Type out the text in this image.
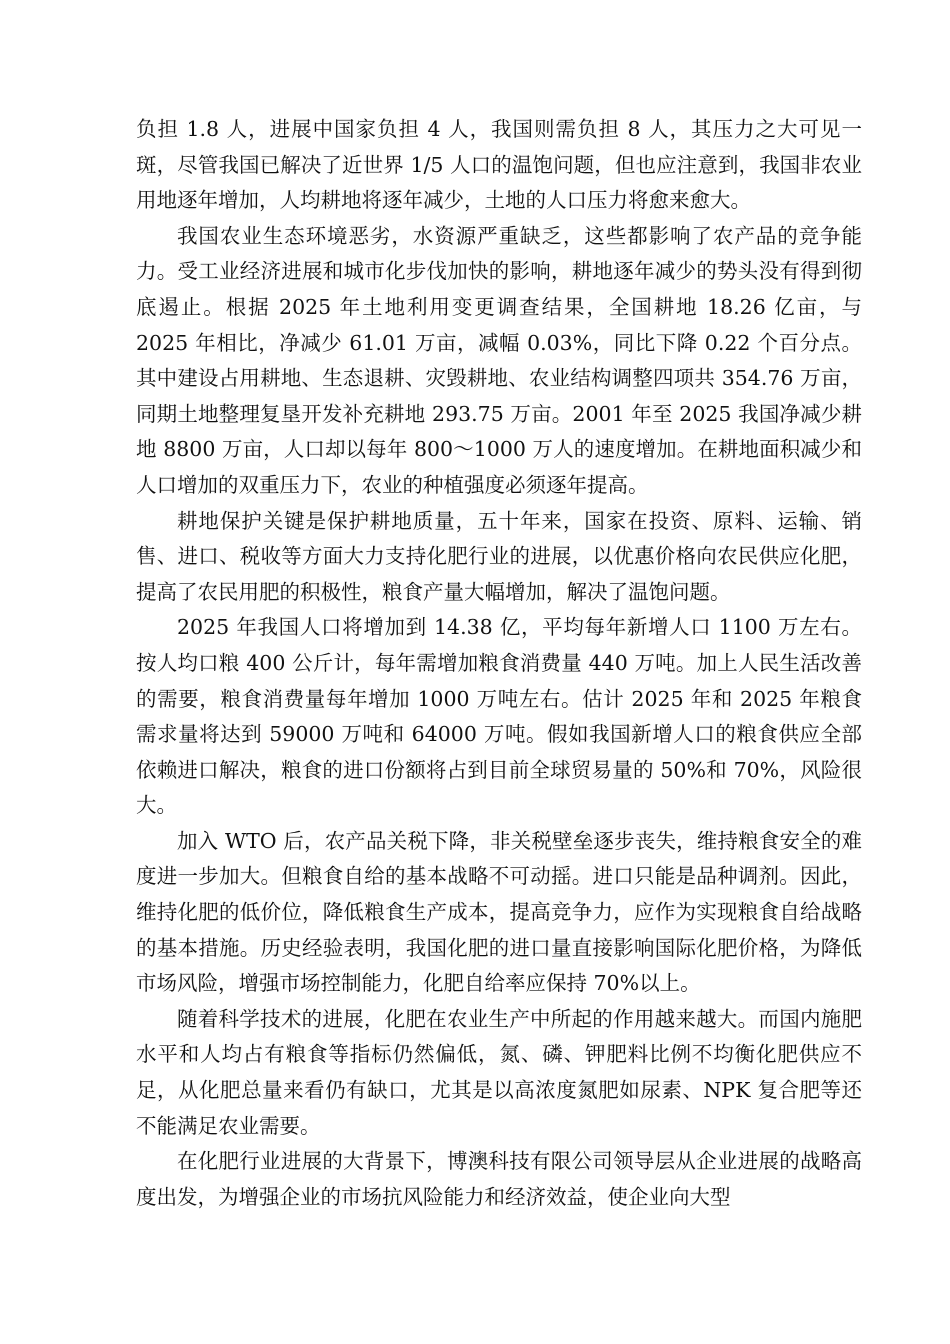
负担 1.8 人，进展中国家负担 4 人，我国则需负担 8 人，其压力之大可见一斑，尽管我国已解决了近世界 1/5 人口的温饱问题，但也应注意到，我国非农业用地逐年增加，人均耕地将逐年减少，土地的人口压力将愈来愈大。

我国农业生态环境恶劣，水资源严重缺乏，这些都影响了农产品的竞争能力。受工业经济进展和城市化步伐加快的影响，耕地逐年减少的势头没有得到彻底遏止。根据 2025 年土地利用变更调查结果，全国耕地 18.26 亿亩，与 2025 年相比，净减少 61.01 万亩，减幅 0.03%，同比下降 0.22 个百分点。其中建设占用耕地、生态退耕、灾毁耕地、农业结构调整四项共 354.76 万亩，同期土地整理复垦开发补充耕地 293.75 万亩。2001 年至 2025 我国净减少耕地 8800 万亩，人口却以每年 800～1000 万人的速度增加。在耕地面积减少和人口增加的双重压力下，农业的种植强度必须逐年提高。

耕地保护关键是保护耕地质量，五十年来，国家在投资、原料、运输、销售、进口、税收等方面大力支持化肥行业的进展，以优惠价格向农民供应化肥，提高了农民用肥的积极性，粮食产量大幅增加，解决了温饱问题。

2025 年我国人口将增加到 14.38 亿，平均每年新增人口 1100 万左右。按人均口粮 400 公斤计，每年需增加粮食消费量 440 万吨。加上人民生活改善的需要，粮食消费量每年增加 1000 万吨左右。估计 2025 年和 2025 年粮食需求量将达到 59000 万吨和 64000 万吨。假如我国新增人口的粮食供应全部依赖进口解决，粮食的进口份额将占到目前全球贸易量的 50%和 70%，风险很大。

加入 WTO 后，农产品关税下降，非关税壁垒逐步丧失，维持粮食安全的难度进一步加大。但粮食自给的基本战略不可动摇。进口只能是品种调剂。因此，维持化肥的低价位，降低粮食生产成本，提高竞争力，应作为实现粮食自给战略的基本措施。历史经验表明，我国化肥的进口量直接影响国际化肥价格，为降低市场风险，增强市场控制能力，化肥自给率应保持 70%以上。

随着科学技术的进展，化肥在农业生产中所起的作用越来越大。而国内施肥水平和人均占有粮食等指标仍然偏低，氮、磷、钾肥料比例不均衡化肥供应不足，从化肥总量来看仍有缺口，尤其是以高浓度氮肥如尿素、NPK 复合肥等还不能满足农业需要。

在化肥行业进展的大背景下，博澳科技有限公司领导层从企业进展的战略高度出发，为增强企业的市场抗风险能力和经济效益，使企业向大型
